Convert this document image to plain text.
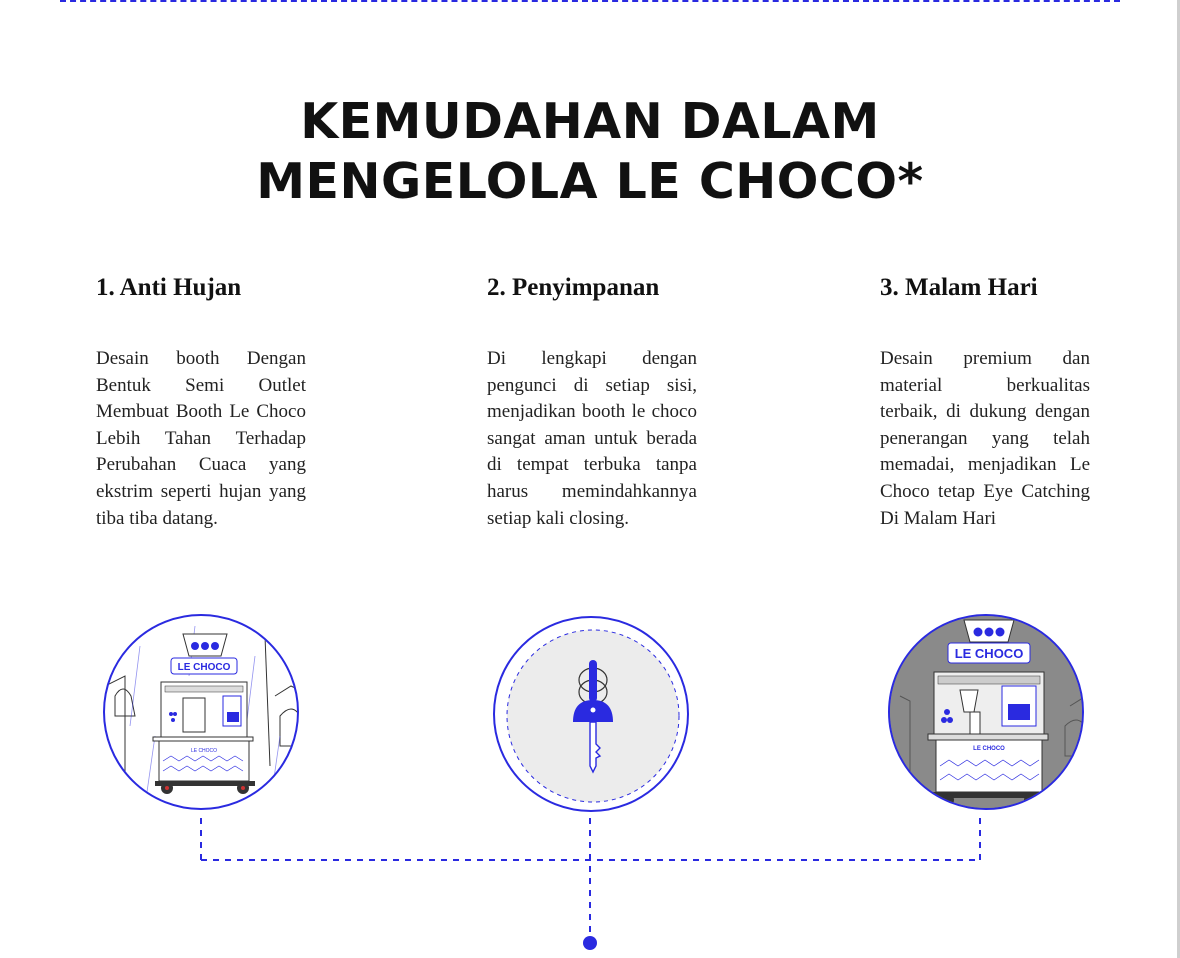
KEMUDAHAN DALAM
MENGELOLA LE CHOCO*
1. Anti Hujan

Desain booth Dengan Bentuk Semi Outlet Membuat Booth Le Choco Lebih Tahan Terhadap Perubahan Cuaca yang ekstrim seperti hujan yang tiba tiba datang.

2. Penyimpanan

Di lengkapi dengan pengunci di setiap sisi, menjadikan booth le choco sangat aman untuk berada di tempat terbuka tanpa harus memindahkannya setiap kali closing.

3. Malam Hari

Desain premium dan material berkualitas terbaik, di dukung dengan penerangan yang telah memadai, menjadikan Le Choco tetap Eye Catching Di Malam Hari

LE CHOCO
LE CHOCO
LE CHOCO
LE CHOCO
